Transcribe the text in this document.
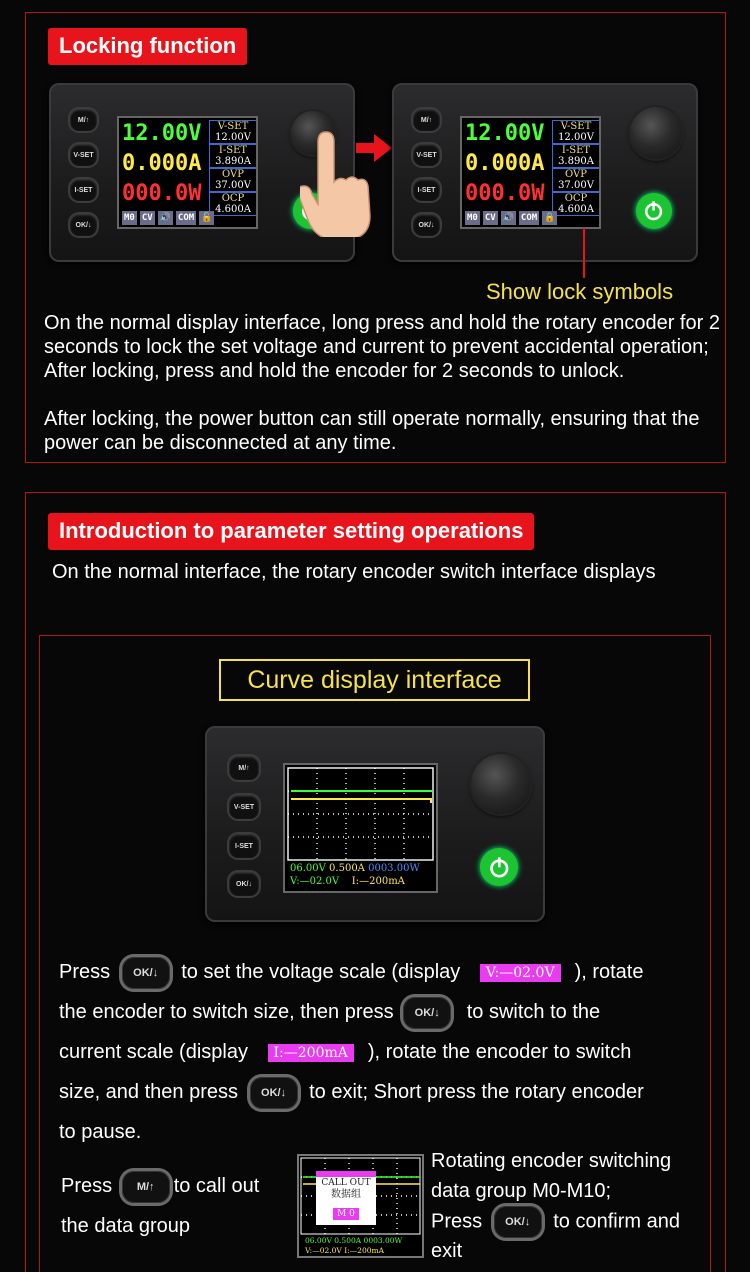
Locking function
M/↑
V-SET
I-SET
OK/↓
12.00V
0.000A
000.0W
V-SET
12.00V
I-SET
3.890A
OVP
37.00V
OCP
4.600A
M0 CV 🔊 COM 🔓
M/↑
V-SET
I-SET
OK/↓
12.00V
0.000A
000.0W
V-SET
12.00V
I-SET
3.890A
OVP
37.00V
OCP
4.600A
M0 CV 🔊 COM 🔒
Show lock symbols
On the normal display interface, long press and hold the rotary encoder for 2 seconds to lock the set voltage and current to prevent accidental operation; After locking, press and hold the encoder for 2 seconds to unlock.
After locking, the power button can still operate normally, ensuring that the power can be disconnected at any time.
Introduction to parameter setting operations
On the normal interface, the rotary encoder switch interface displays
Curve display interface
M/↑
V-SET
I-SET
OK/↓
06.00V 0.500A 0003.00W
V:—02.0V I:—200mA
Press OK/↓ to set the voltage scale (display V:—02.0V ), rotate
the encoder to switch size, then press OK/↓ to switch to the
current scale (display I:—200mA ), rotate the encoder to switch
size, and then press OK/↓ to exit; Short press the rotary encoder
to pause.
Press M/↑ to call out
the data group
CALL OUT
数据组
M 0
06.00V 0.500A 0003.00W
V:—02.0V I:—200mA
Rotating encoder switching
data group M0-M10;
Press OK/↓ to confirm and
exit
